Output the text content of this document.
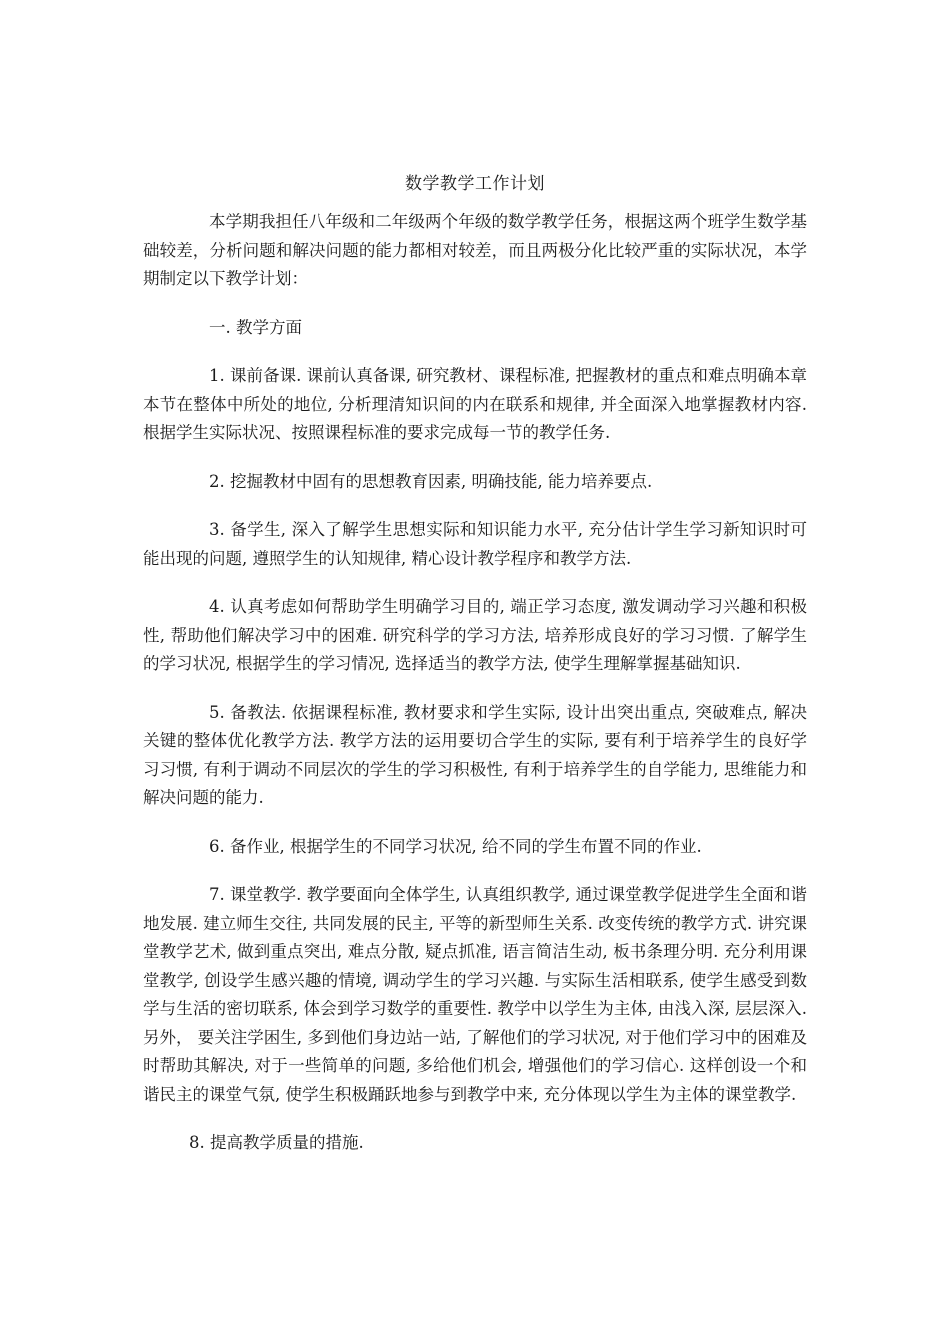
数学教学工作计划

本学期我担任八年级和二年级两个年级的数学教学任务，根据这两个班学生数学基础较差，分析问题和解决问题的能力都相对较差，而且两极分化比较严重的实际状况，本学期制定以下教学计划：

一. 教学方面

1. 课前备课. 课前认真备课, 研究教材、课程标准, 把握教材的重点和难点明确本章本节在整体中所处的地位, 分析理清知识间的内在联系和规律, 并全面深入地掌握教材内容. 根据学生实际状况、按照课程标准的要求完成每一节的教学任务.

2. 挖掘教材中固有的思想教育因素, 明确技能, 能力培养要点.

3. 备学生, 深入了解学生思想实际和知识能力水平, 充分估计学生学习新知识时可能出现的问题, 遵照学生的认知规律, 精心设计教学程序和教学方法.

4. 认真考虑如何帮助学生明确学习目的, 端正学习态度, 激发调动学习兴趣和积极性, 帮助他们解决学习中的困难. 研究科学的学习方法, 培养形成良好的学习习惯. 了解学生的学习状况, 根据学生的学习情况, 选择适当的教学方法, 使学生理解掌握基础知识.

5. 备教法. 依据课程标准, 教材要求和学生实际, 设计出突出重点, 突破难点, 解决关键的整体优化教学方法. 教学方法的运用要切合学生的实际, 要有利于培养学生的良好学习习惯, 有利于调动不同层次的学生的学习积极性, 有利于培养学生的自学能力, 思维能力和解决问题的能力.

6. 备作业, 根据学生的不同学习状况, 给不同的学生布置不同的作业.

7. 课堂教学. 教学要面向全体学生, 认真组织教学, 通过课堂教学促进学生全面和谐地发展. 建立师生交往, 共同发展的民主, 平等的新型师生关系. 改变传统的教学方式. 讲究课堂教学艺术, 做到重点突出, 难点分散, 疑点抓准, 语言简洁生动, 板书条理分明. 充分利用课堂教学, 创设学生感兴趣的情境, 调动学生的学习兴趣. 与实际生活相联系, 使学生感受到数学与生活的密切联系, 体会到学习数学的重要性. 教学中以学生为主体, 由浅入深, 层层深入. 另外， 要关注学困生, 多到他们身边站一站, 了解他们的学习状况, 对于他们学习中的困难及时帮助其解决, 对于一些简单的问题, 多给他们机会, 增强他们的学习信心. 这样创设一个和谐民主的课堂气氛, 使学生积极踊跃地参与到教学中来, 充分体现以学生为主体的课堂教学.

8. 提高教学质量的措施.
